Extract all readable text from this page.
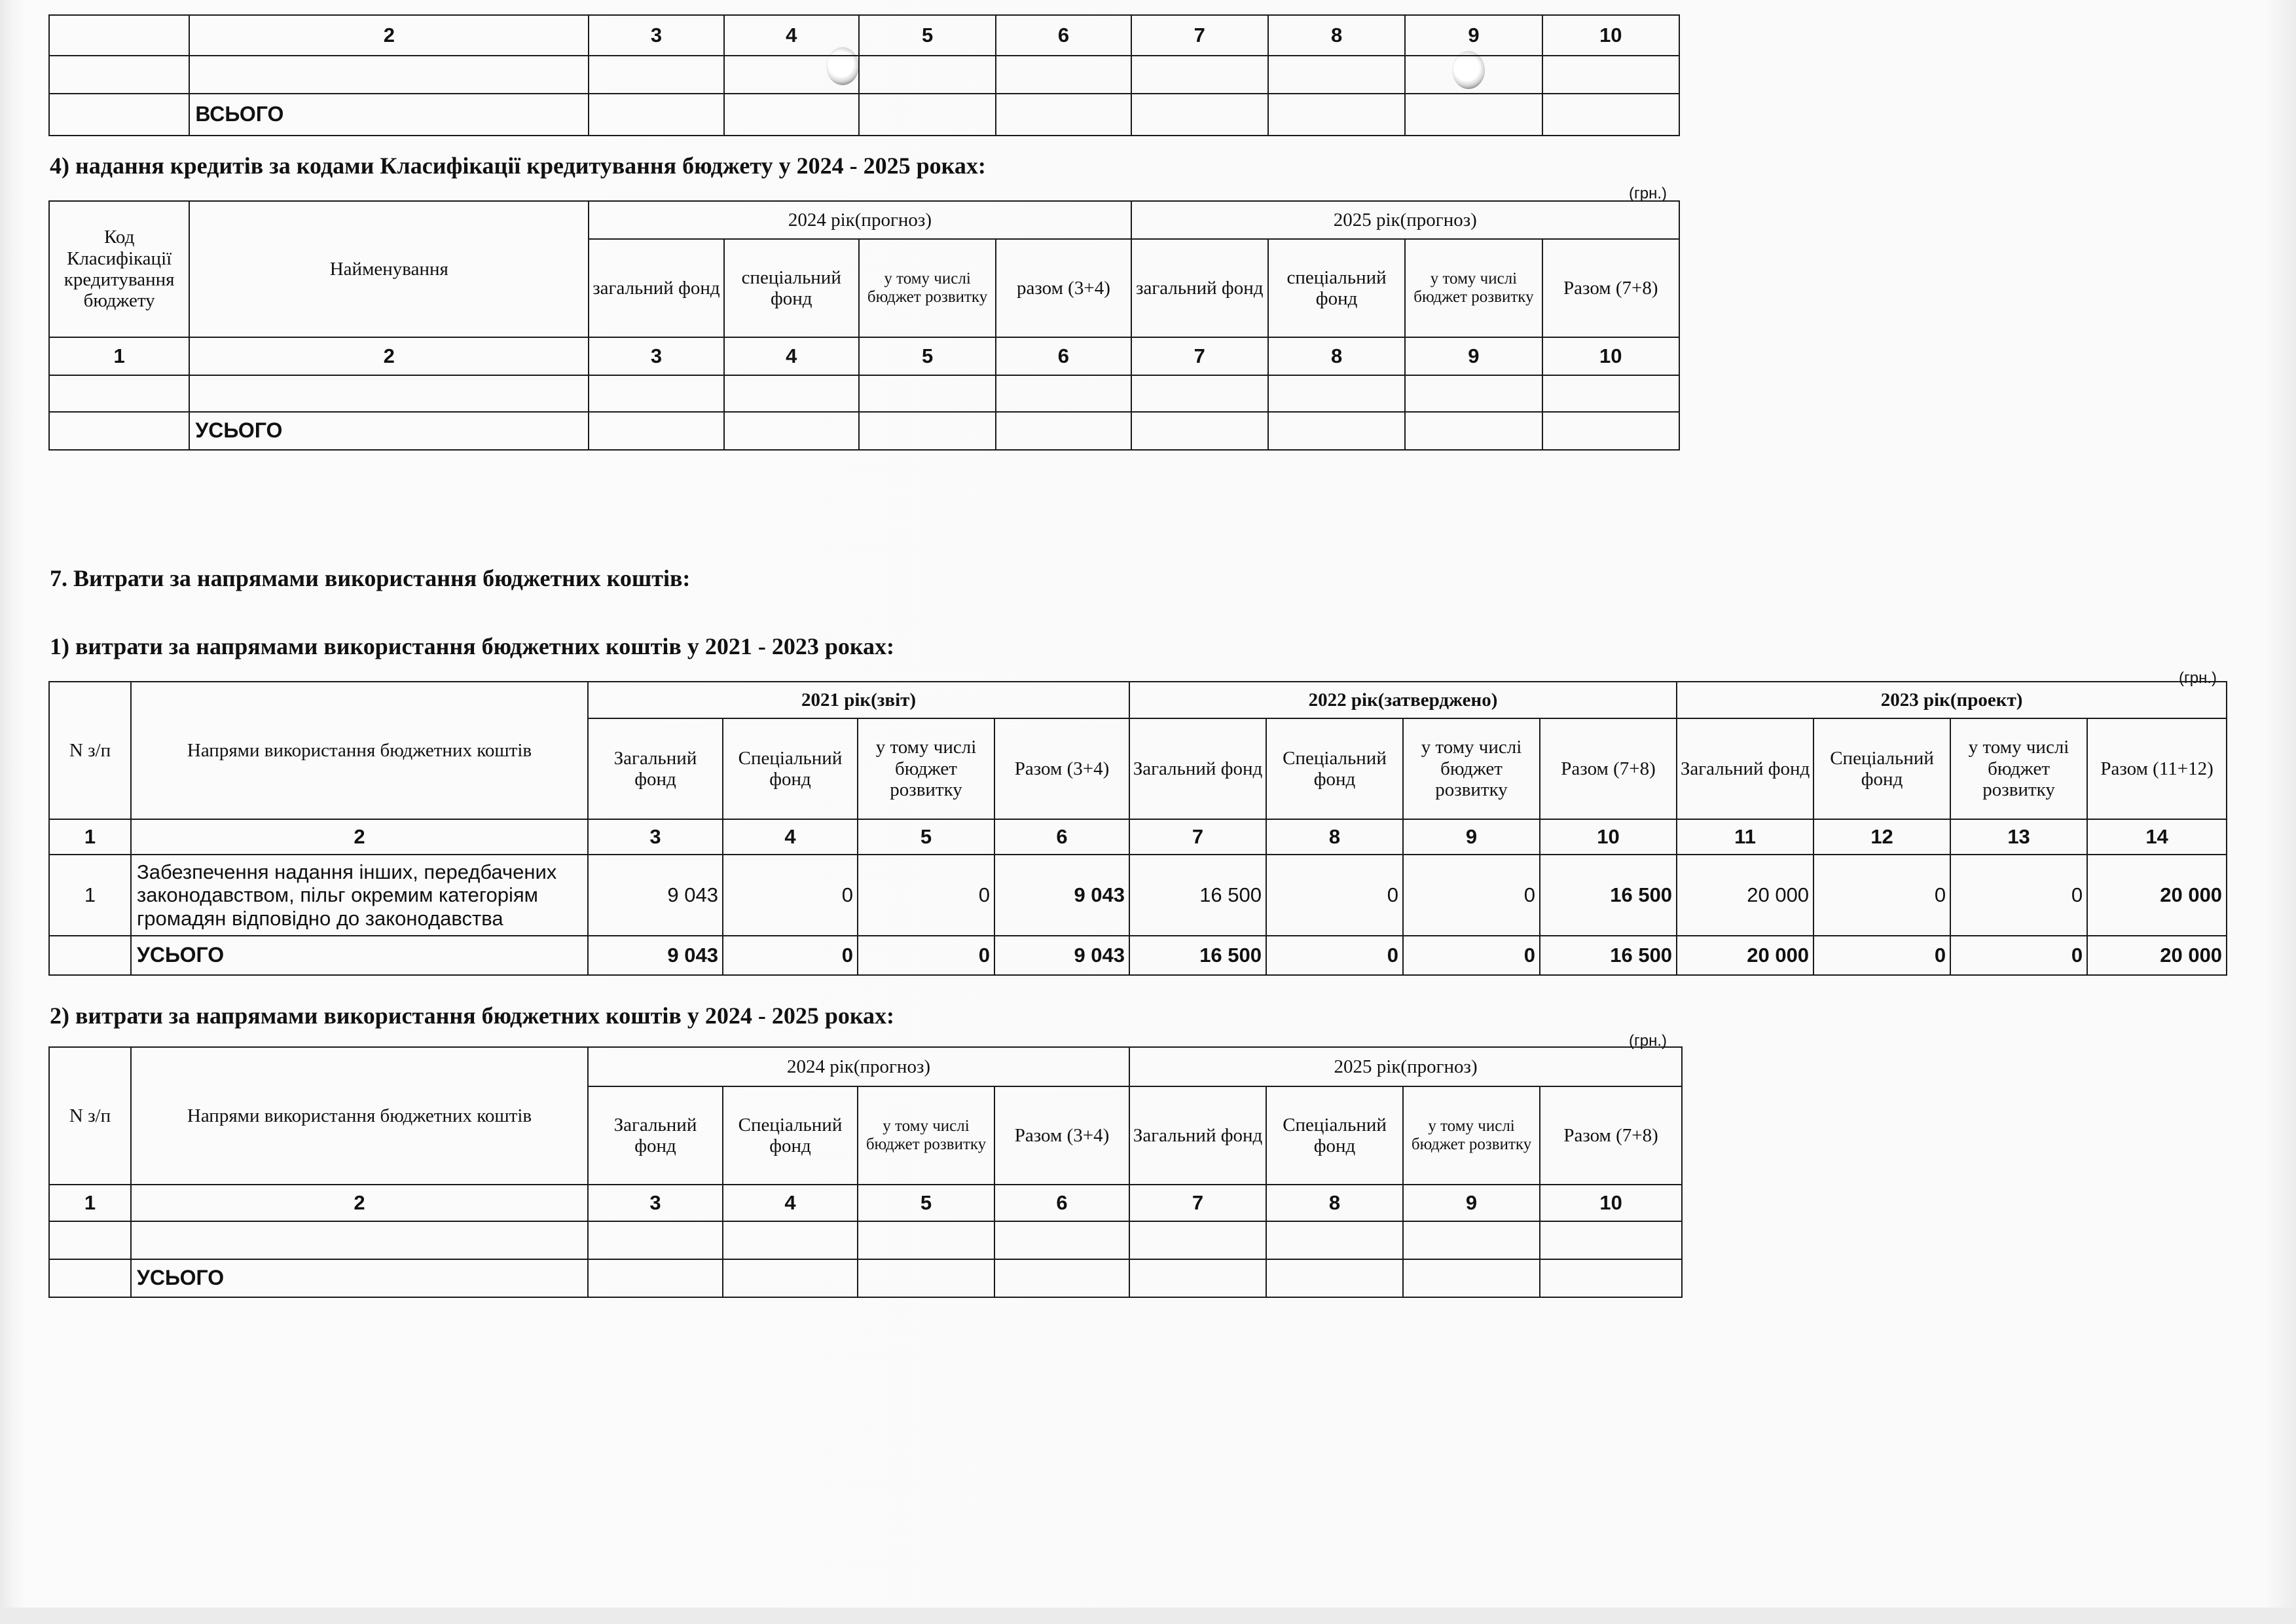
	2	3	4	5	6	7	8	9	10

	ВСЬОГО								
4) надання кредитів за кодами Класифікації кредитування бюджету у 2024 - 2025 роках:
(грн.)
Код Класифікації кредитування бюджету	Найменування	2024 рік(прогноз)				2025 рік(прогноз)			
		загальний фонд	спеціальний фонд	у тому числі бюджет розвитку	разом (3+4)	загальний фонд	спеціальний фонд	у тому числі бюджет розвитку	Разом (7+8)
1	2	3	4	5	6	7	8	9	10

	УСЬОГО								
7. Витрати за напрямами використання бюджетних коштів:
1) витрати за напрямами використання бюджетних коштів у 2021 - 2023 роках:
(грн.)
N з/п	Напрями використання бюджетних коштів	2021 рік(звіт)				2022 рік(затверджено)				2023 рік(проект)			
		Загальний фонд	Спеціальний фонд	у тому числі бюджет розвитку	Разом (3+4)	Загальний фонд	Спеціальний фонд	у тому числі бюджет розвитку	Разом (7+8)	Загальний фонд	Спеціальний фонд	у тому числі бюджет розвитку	Разом (11+12)
1	2	3	4	5	6	7	8	9	10	11	12	13	14
1	Забезпечення надання інших, передбачених законодавством, пільг окремим категоріям громадян відповідно до законодавства	9 043	0	0	9 043	16 500	0	0	16 500	20 000	0	0	20 000
	УСЬОГО	9 043	0	0	9 043	16 500	0	0	16 500	20 000	0	0	20 000
2) витрати за напрямами використання бюджетних коштів у 2024 - 2025 роках:
(грн.)
N з/п	Напрями використання бюджетних коштів	2024 рік(прогноз)				2025 рік(прогноз)			
		Загальний фонд	Спеціальний фонд	у тому числі бюджет розвитку	Разом (3+4)	Загальний фонд	Спеціальний фонд	у тому числі бюджет розвитку	Разом (7+8)
1	2	3	4	5	6	7	8	9	10

	УСЬОГО								
